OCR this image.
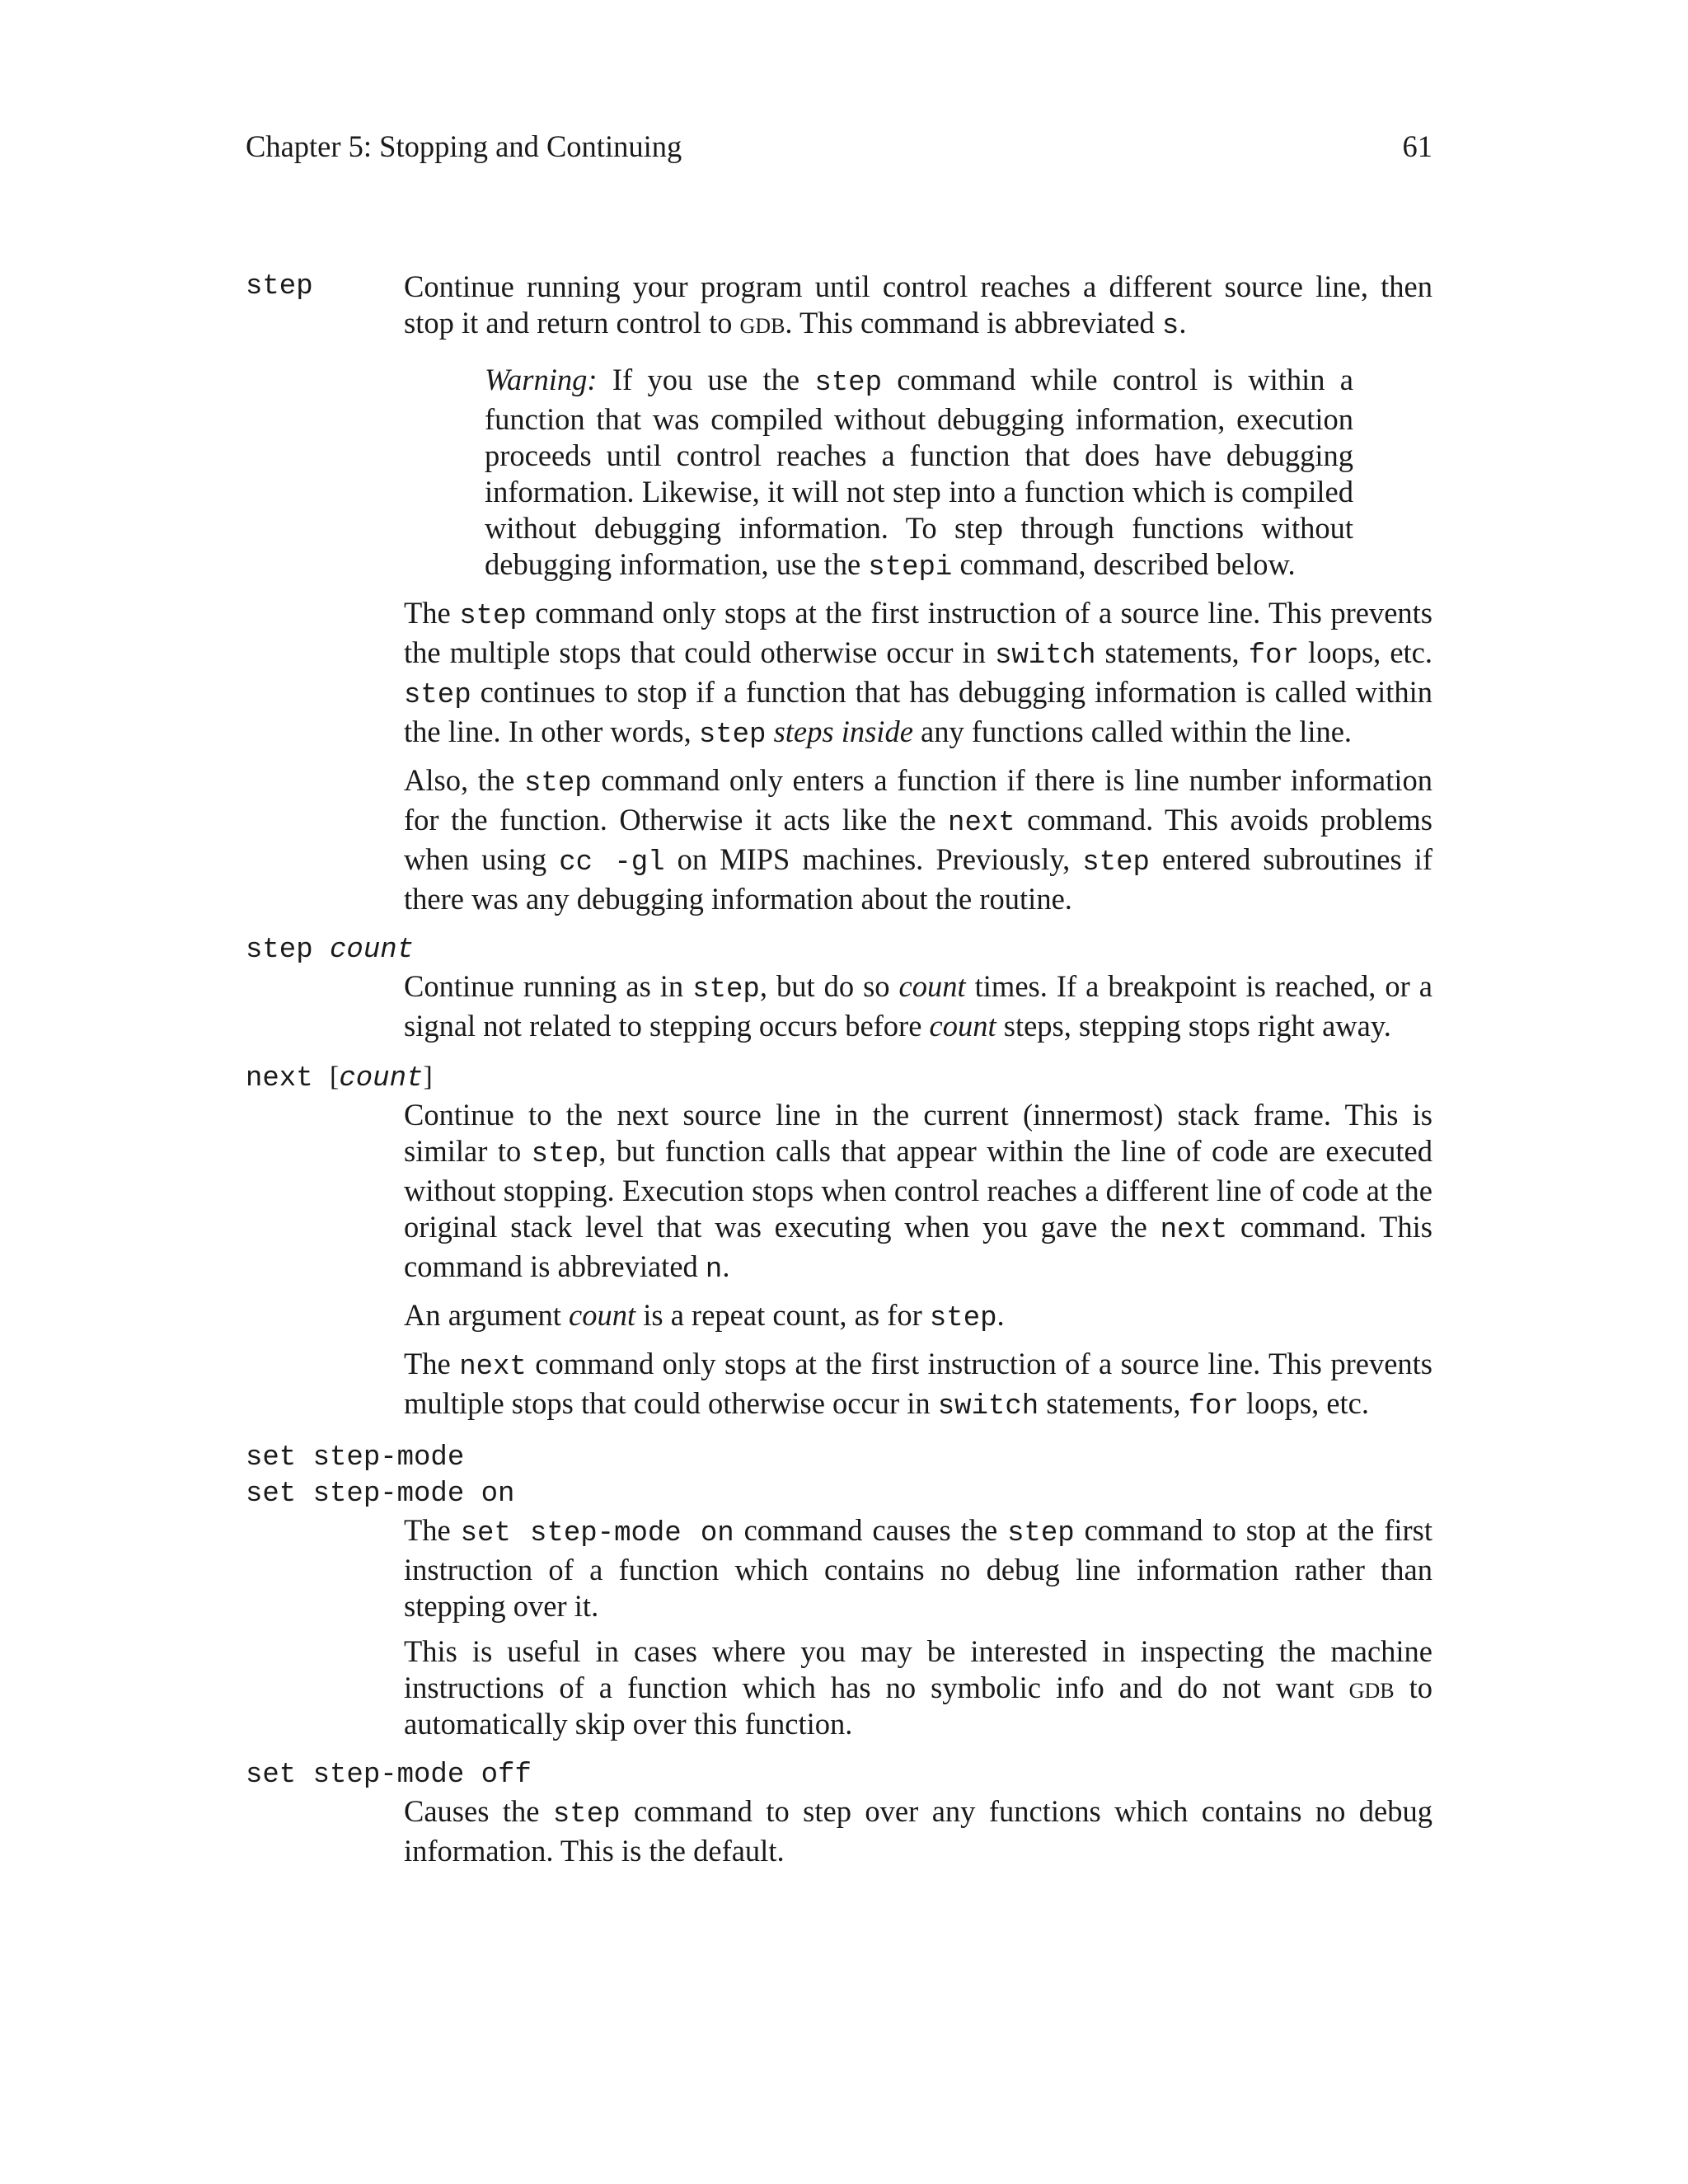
Chapter 5: Stopping and Continuing	61
step	Continue running your program until control reaches a different source line, then stop it and return control to gdb. This command is abbreviated s.

Warning: If you use the step command while control is within a function that was compiled without debugging information, execution proceeds until control reaches a function that does have debugging information. Likewise, it will not step into a function which is compiled without debugging information. To step through functions without debugging information, use the stepi command, described below.

The step command only stops at the first instruction of a source line. This prevents the multiple stops that could otherwise occur in switch statements, for loops, etc. step continues to stop if a function that has debugging information is called within the line. In other words, step steps inside any functions called within the line.

Also, the step command only enters a function if there is line number information for the function. Otherwise it acts like the next command. This avoids problems when using cc -gl on MIPS machines. Previously, step entered subroutines if there was any debugging information about the routine.

step count

Continue running as in step, but do so count times. If a breakpoint is reached, or a signal not related to stepping occurs before count steps, stepping stops right away.

next [count]

Continue to the next source line in the current (innermost) stack frame. This is similar to step, but function calls that appear within the line of code are executed without stopping. Execution stops when control reaches a different line of code at the original stack level that was executing when you gave the next command. This command is abbreviated n.

An argument count is a repeat count, as for step.

The next command only stops at the first instruction of a source line. This prevents multiple stops that could otherwise occur in switch statements, for loops, etc.

set step-mode
set step-mode on

The set step-mode on command causes the step command to stop at the first instruction of a function which contains no debug line information rather than stepping over it.

This is useful in cases where you may be interested in inspecting the machine instructions of a function which has no symbolic info and do not want gdb to automatically skip over this function.

set step-mode off

Causes the step command to step over any functions which contains no debug information. This is the default.
